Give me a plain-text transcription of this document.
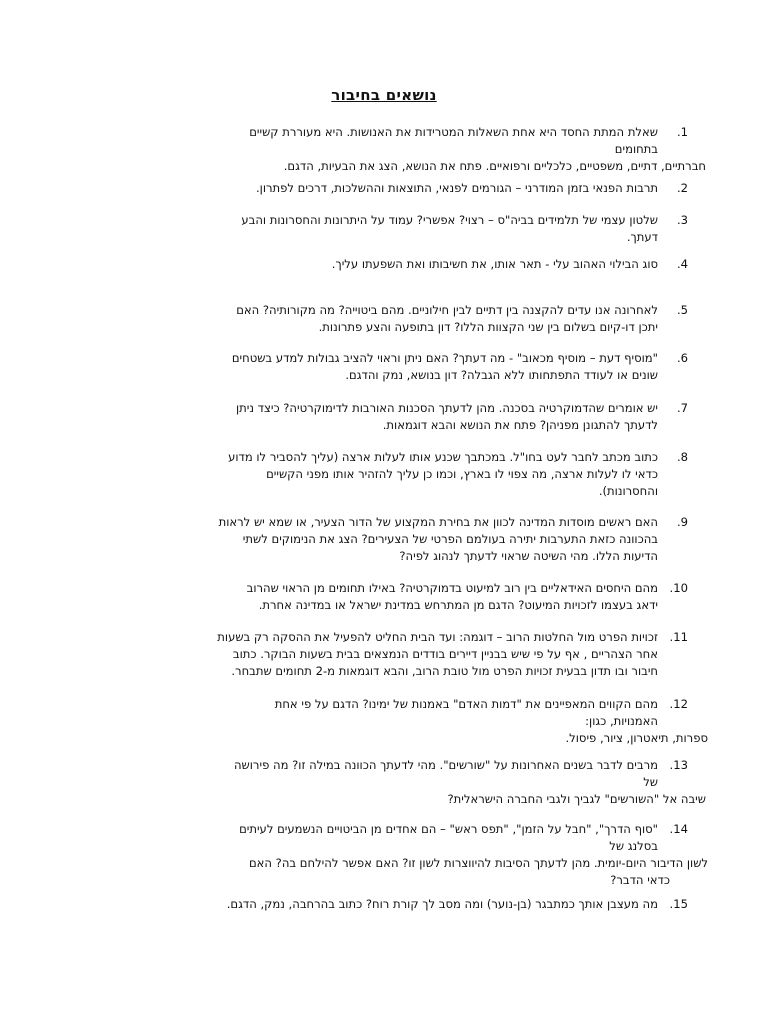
נושאים בחיבור
.1
שאלת המתת החסד היא אחת השאלות המטרידות את האנושות. היא מעוררת קשיים
בתחומים
חברתיים, דתיים, משפטיים, כלכליים ורפואיים. פתח את הנושא, הצג את הבעיות, הדגם.
.2
תרבות הפנאי בזמן המודרני – הגורמים לפנאי, התוצאות וההשלכות, דרכים לפתרון.
.3
שלטון עצמי של תלמידים בביה"ס – רצוי? אפשרי? עמוד על היתרונות והחסרונות והבע
דעתך.
.4
סוג הבילוי האהוב עלי - תאר אותו, את חשיבותו ואת השפעתו עליך.
.5
לאחרונה אנו עדים להקצנה בין דתיים לבין חילוניים. מהם ביטוייה? מה מקורותיה? האם
יתכן דו-קיום בשלום בין שני הקצוות הללו? דון בתופעה והצע פתרונות.
.6
"מוסיף דעת – מוסיף מכאוב" - מה דעתך? האם ניתן וראוי להציב גבולות למדע בשטחים
שונים או לעודד התפתחותו ללא הגבלה? דון בנושא, נמק והדגם.
.7
יש אומרים שהדמוקרטיה בסכנה. מהן לדעתך הסכנות האורבות לדימוקרטיה? כיצד ניתן
לדעתך להתגונן מפניהן? פתח את הנושא והבא דוגמאות.
.8
כתוב מכתב לחבר לעט בחו"ל. במכתבך שכנע אותו לעלות ארצה (עליך להסביר לו מדוע
כדאי לו לעלות ארצה, מה צפוי לו בארץ, וכמו כן עליך להזהיר אותו מפני הקשיים
והחסרונות).
.9
האם ראשים מוסדות המדינה לכוון את בחירת המקצוע של הדור הצעיר, או שמא יש לראות
בהכוונה כזאת התערבות יתירה בעולמם הפרטי של הצעירים? הצג את הנימוקים לשתי
הדיעות הללו. מהי השיטה שראוי לדעתך לנהוג לפיה?
.10
מהם היחסים האידאליים בין רוב למיעוט בדמוקרטיה? באילו תחומים מן הראוי שהרוב
ידאג בעצמו לזכויות המיעוט? הדגם מן המתרחש במדינת ישראל או במדינה אחרת.
.11
זכויות הפרט מול החלטות הרוב – דוגמה: ועד הבית החליט להפעיל את ההסקה רק בשעות
אחר הצהריים , אף על פי שיש בבניין דיירים בודדים הנמצאים בבית בשעות הבוקר. כתוב
חיבור ובו תדון בבעית זכויות הפרט מול טובת הרוב, והבא דוגמאות מ-2 תחומים שתבחר.
.12
מהם הקווים המאפיינים את "דמות האדם" באמנות של ימינו? הדגם על פי אחת
האמנויות, כגון:
ספרות, תיאטרון, ציור, פיסול.
.13
מרבים לדבר בשנים האחרונות על "שורשים". מהי לדעתך הכוונה במילה זו? מה פירושה
של
שיבה אל "השורשים" לגביך ולגבי החברה הישראלית?
.14
"סוף הדרך", "חבל על הזמן", "תפס ראש" – הם אחדים מן הביטויים הנשמעים לעיתים
בסלנג של
לשון הדיבור היום-יומית. מהן לדעתך הסיבות להיווצרות לשון זו? האם אפשר להילחם בה? האם
כדאי הדבר?
.15
מה מעצבן אותך כמתבגר (בן-נוער) ומה מסב לך קורת רוח? כתוב בהרחבה, נמק, הדגם.
